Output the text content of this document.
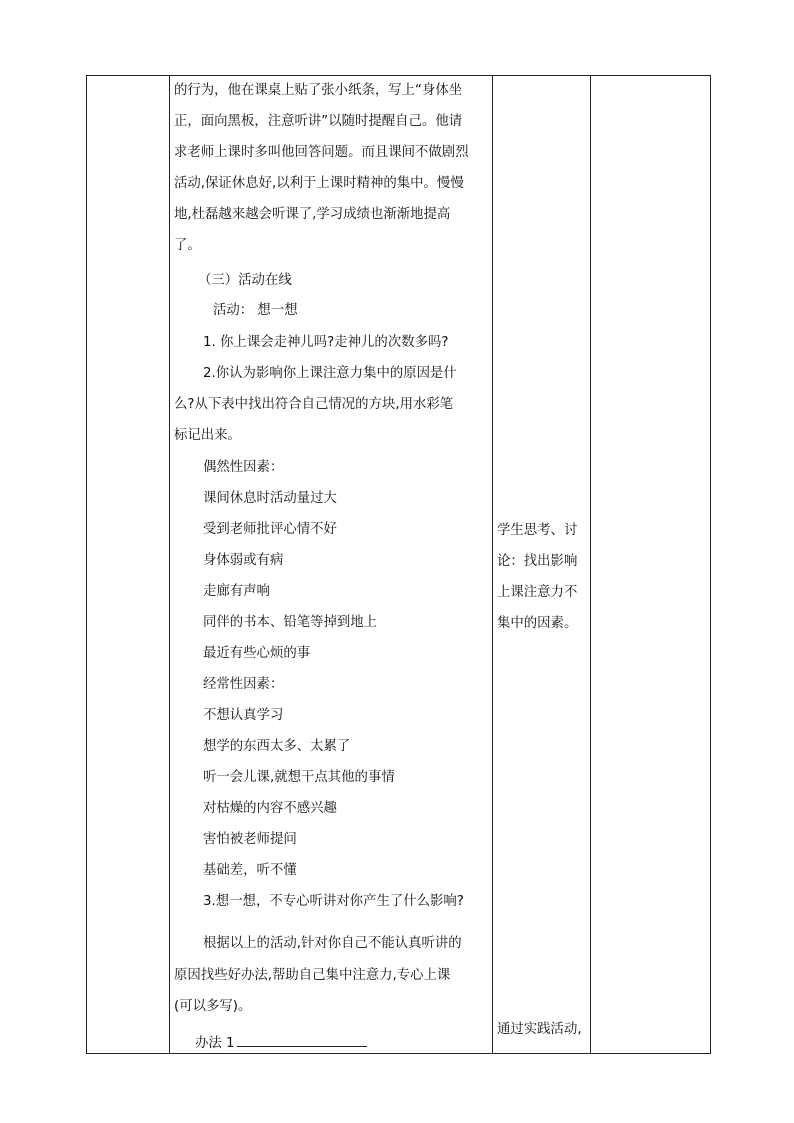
的行为，他在课桌上贴了张小纸条，写上“身体坐
正，面向黑板，注意听讲”以随时提醒自己。他请
求老师上课时多叫他回答问题。而且课间不做剧烈
活动,保证休息好,以利于上课时精神的集中。慢慢
地,杜磊越来越会听课了,学习成绩也渐渐地提高
了。
（三）活动在线
活动： 想一想
1. 你上课会走神儿吗?走神儿的次数多吗?
2.你认为影响你上课注意力集中的原因是什
么?从下表中找出符合自己情况的方块,用水彩笔
标记出来。
偶然性因素：
课间休息时活动量过大
受到老师批评心情不好
身体弱或有病
走廊有声响
同伴的书本、铅笔等掉到地上
最近有些心烦的事
经常性因素：
不想认真学习
想学的东西太多、太累了
听一会儿课,就想干点其他的事情
对枯燥的内容不感兴趣
害怕被老师提问
基础差，听不懂
3.想一想，不专心听讲对你产生了什么影响?
根据以上的活动,针对你自己不能认真听讲的
原因找些好办法,帮助自己集中注意力,专心上课
(可以多写)。
办法 1

学生思考、讨
论：找出影响
上课注意力不
集中的因素。
通过实践活动,
